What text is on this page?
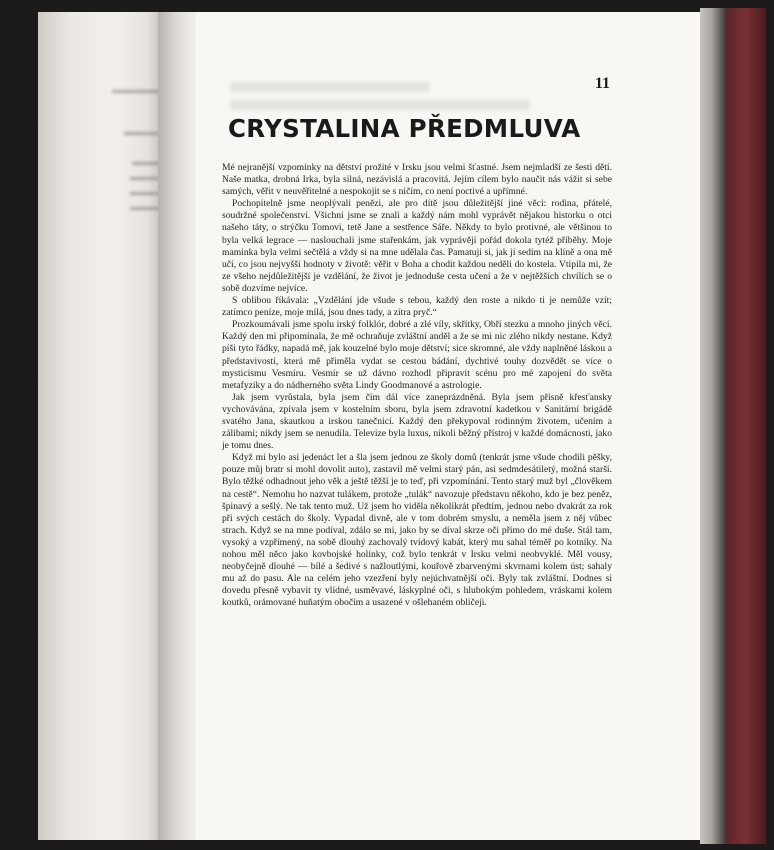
11
CRYSTALINA PŘEDMLUVA

Mé nejranější vzpomínky na dětství prožité v Irsku jsou velmi šťastné. Jsem nejmladší ze šesti dětí. Naše matka, drobná Irka, byla silná, nezávislá a pracovitá. Jejím cílem bylo naučit nás vážit si sebe samých, věřit v neuvěřitelné a nespokojit se s ničím, co není poctivé a upřímné.

Pochopitelně jsme neoplývali penězi, ale pro dítě jsou důležitější jiné věci: rodina, přátelé, soudržné společenství. Všichni jsme se znali a každý nám mohl vyprávět nějakou historku o otci našeho táty, o strýčku Tomovi, tetě Jane a sestřence Sáře. Někdy to bylo protivné, ale většinou to byla velká legrace — naslouchali jsme stařenkám, jak vyprávějí pořád dokola tytéž příběhy. Moje maminka byla velmi sečtělá a vždy si na mne udělala čas. Pamatuji si, jak jí sedím na klíně a ona mě učí, co jsou nejvyšší hodnoty v životě: věřit v Boha a chodit každou neděli do kostela. Vtipila mi, že ze všeho nejdůležitější je vzdělání, že život je jednoduše cesta učení a že v nejtěžších chvílích se o sobě dozvíme nejvíce.

S oblibou říkávala: „Vzdělání jde všude s tebou, každý den roste a nikdo ti je nemůže vzít; zatímco peníze, moje milá, jsou dnes tady, a zítra pryč.“

Prozkoumávali jsme spolu irský folklór, dobré a zlé víly, skřítky, Obří stezku a mnoho jiných věcí. Každý den mi připomínala, že mě ochraňuje zvláštní anděl a že se mi nic zlého nikdy nestane. Když píši tyto řádky, napadá mě, jak kouzelné bylo moje dětství; sice skromné, ale vždy naplněné láskou a představivostí, která mě přiměla vydat se cestou bádání, dychtivé touhy dozvědět se více o mysticismu Vesmíru. Vesmír se už dávno rozhodl připravit scénu pro mé zapojení do světa metafyziky a do nádherného světa Lindy Goodmanové a astrologie.

Jak jsem vyrůstala, byla jsem čím dál více zaneprázdněná. Byla jsem přísně křesťansky vychovávána, zpívala jsem v kostelním sboru, byla jsem zdravotní kadetkou v Sanitární brigádě svatého Jana, skautkou a irskou tanečnicí. Každý den překypoval rodinným životem, učením a zálibami; nikdy jsem se nenudila. Televize byla luxus, nikoli běžný přístroj v každé domácnosti, jako je tomu dnes.

Když mi bylo asi jedenáct let a šla jsem jednou ze školy domů (tenkrát jsme všude chodili pěšky, pouze můj bratr si mohl dovolit auto), zastavil mě velmi starý pán, asi sedmdesátiletý, možná starší. Bylo těžké odhadnout jeho věk a ještě těžší je to teď, při vzpomínání. Tento starý muž byl „člověkem na cestě“. Nemohu ho nazvat tulákem, protože „tulák“ navozuje představu někoho, kdo je bez peněz, špinavý a sešlý. Ne tak tento muž. Už jsem ho viděla několikrát předtím, jednou nebo dvakrát za rok při svých cestách do školy. Vypadal divně, ale v tom dobrém smyslu, a neměla jsem z něj vůbec strach. Když se na mne podíval, zdálo se mi, jako by se díval skrze oči přímo do mé duše. Stál tam, vysoký a vzpřímený, na sobě dlouhý zachovalý tvídový kabát, který mu sahal téměř po kotníky. Na nohou měl něco jako kovbojské holínky, což bylo tenkrát v Irsku velmi neobvyklé. Měl vousy, neobyčejně dlouhé — bílé a šedivé s nažloutlými, kouřově zbarvenými skvrnami kolem úst; sahaly mu až do pasu. Ale na celém jeho vzezření byly nejúchvatnější oči. Byly tak zvláštní. Dodnes si dovedu přesně vybavit ty vlídné, usměvavé, láskyplné oči, s hlubokým pohledem, vráskami kolem koutků, orámované huňatým obočím a usazené v ošlehaném obličeji.
